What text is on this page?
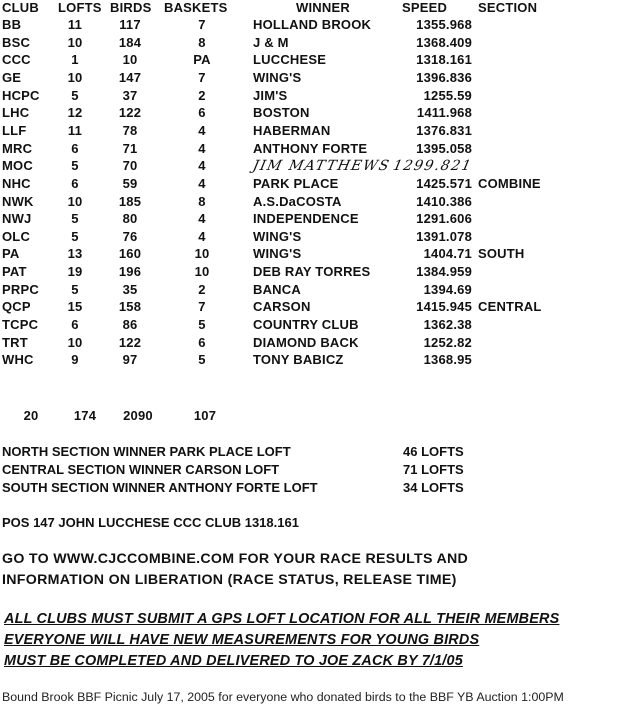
CLUB LOFTS BIRDS BASKETS	WINNER	SPEED SECTION
BB	11	117	7	HOLLAND BROOK	1355.968
BSC	10	184	8	J & M	1368.409
CCC	1	10	PA	LUCCHESE	1318.161
GE	10	147	7	WING'S	1396.836
HCPC	5	37	2	JIM'S	1255.59
LHC	12	122	6	BOSTON	1411.968
LLF	11	78	4	HABERMAN	1376.831
MRC	6	71	4	ANTHONY FORTE	1395.058
MOC	5	70	4	JIM MATTHEWS 1299.821
NHC	6	59	4	PARK PLACE	1425.571 COMBINE
NWK	10	185	8	A.S.DaCOSTA	1410.386
NWJ	5	80	4	INDEPENDENCE	1291.606
OLC	5	76	4	WING'S	1391.078
PA	13	160	10	WING'S	1404.71 SOUTH
PAT	19	196	10	DEB RAY TORRES	1384.959
PRPC	5	35	2	BANCA	1394.69
QCP	15	158	7	CARSON	1415.945 CENTRAL
TCPC	6	86	5	COUNTRY CLUB	1362.38
TRT	10	122	6	DIAMOND BACK	1252.82
WHC	9	97	5	TONY BABICZ	1368.95
20	174	2090	107
NORTH SECTION WINNER PARK PLACE LOFT	46 LOFTS
CENTRAL SECTION WINNER CARSON LOFT	71 LOFTS
SOUTH SECTION WINNER ANTHONY FORTE LOFT	34 LOFTS
POS 147 JOHN LUCCHESE CCC CLUB 1318.161
GO TO WWW.CJCCOMBINE.COM FOR YOUR RACE RESULTS AND
INFORMATION ON LIBERATION (RACE STATUS, RELEASE TIME)
ALL CLUBS MUST SUBMIT A GPS LOFT LOCATION FOR ALL THEIR MEMBERS
EVERYONE WILL HAVE NEW MEASUREMENTS FOR YOUNG BIRDS
MUST BE COMPLETED AND DELIVERED TO JOE ZACK BY 7/1/05
Bound Brook BBF Picnic July 17, 2005 for everyone who donated birds to the BBF YB Auction 1:00PM
